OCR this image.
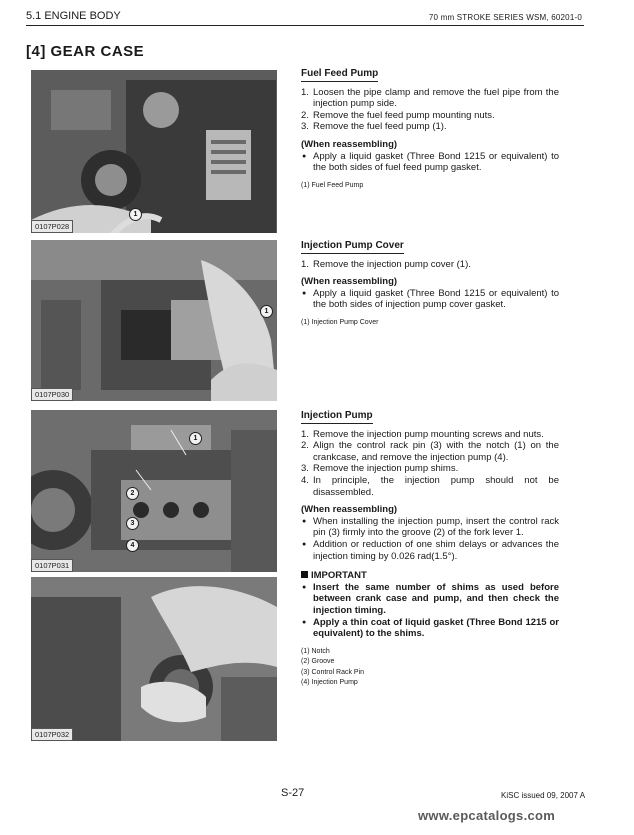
5.1 ENGINE BODY	70 mm STROKE SERIES WSM, 60201-0
[4] GEAR CASE
1
0107P028
1
0107P030
1
2
3
4
0107P031
0107P032
Fuel Feed Pump
1. Loosen the pipe clamp and remove the fuel pipe from the injection pump side.
2. Remove the fuel feed pump mounting nuts.
3. Remove the fuel feed pump (1).
(When reassembling)
● Apply a liquid gasket (Three Bond 1215 or equivalent) to the both sides of fuel feed pump gasket.
(1) Fuel Feed Pump
Injection Pump Cover
1. Remove the injection pump cover (1).
(When reassembling)
● Apply a liquid gasket (Three Bond 1215 or equivalent) to the both sides of injection pump cover gasket.
(1) Injection Pump Cover
Injection Pump
1. Remove the injection pump mounting screws and nuts.
2. Align the control rack pin (3) with the notch (1) on the crankcase, and remove the injection pump (4).
3. Remove the injection pump shims.
4. In principle, the injection pump should not be disassembled.
(When reassembling)
● When installing the injection pump, insert the control rack pin (3) firmly into the groove (2) of the fork lever 1.
● Addition or reduction of one shim delays or advances the injection timing by 0.026 rad(1.5°).
IMPORTANT
● Insert the same number of shims as used before between crank case and pump, and then check the injection timing.
● Apply a thin coat of liquid gasket (Three Bond 1215 or equivalent) to the shims.
(1) Notch
(2) Groove
(3) Control Rack Pin
(4) Injection Pump
S-27	KiSC issued 09, 2007 A
www.epcatalogs.com
